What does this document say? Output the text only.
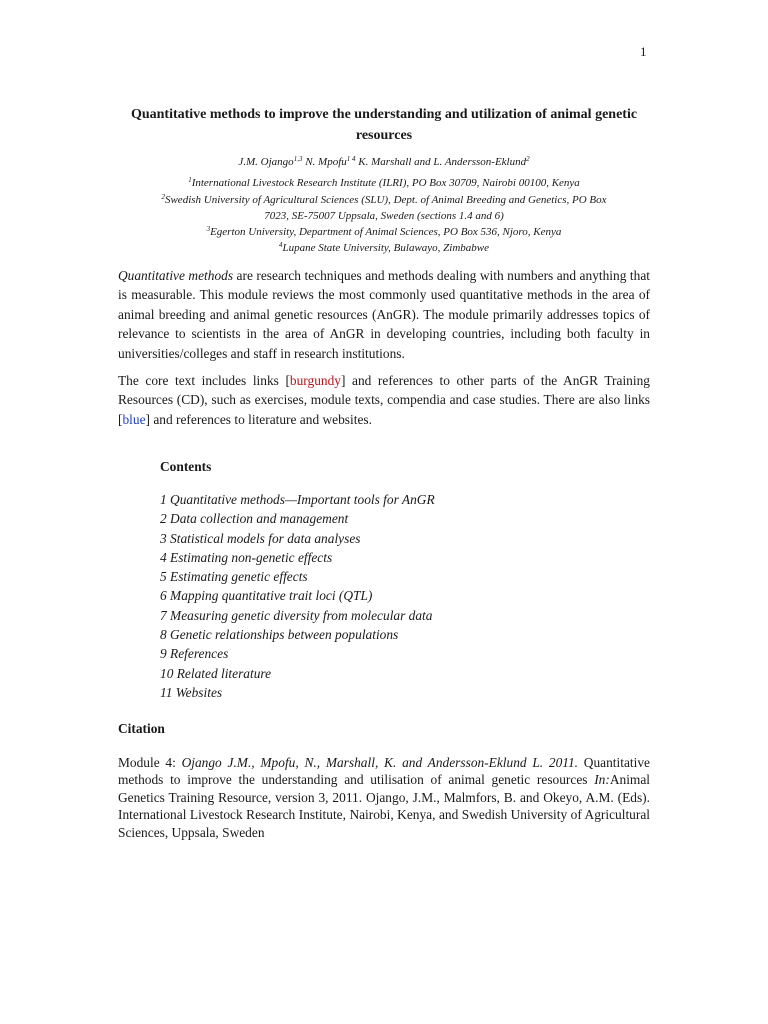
1
Quantitative methods to improve the understanding and utilization of animal genetic resources
J.M. Ojango$^{1,3}$ N. Mpofu$^{1 4}$ K. Marshall and L. Andersson-Eklund$^2$
$^1$International Livestock Research Institute (ILRI), PO Box 30709, Nairobi 00100, Kenya
$^2$Swedish University of Agricultural Sciences (SLU), Dept. of Animal Breeding and Genetics, PO Box 7023, SE-75007 Uppsala, Sweden (sections 1.4 and 6)
$^3$Egerton University, Department of Animal Sciences, PO Box 536, Njoro, Kenya
$^4$Lupane State University, Bulawayo, Zimbabwe

Quantitative methods are research techniques and methods dealing with numbers and anything that is measurable. This module reviews the most commonly used quantitative methods in the area of animal breeding and animal genetic resources (AnGR). The module primarily addresses topics of relevance to scientists in the area of AnGR in developing countries, including both faculty in universities/colleges and staff in research institutions.

The core text includes links [burgundy] and references to other parts of the AnGR Training Resources (CD), such as exercises, module texts, compendia and case studies. There are also links [blue] and references to literature and websites.

Contents
1 Quantitative methods—Important tools for AnGR
2 Data collection and management
3 Statistical models for data analyses
4 Estimating non-genetic effects
5 Estimating genetic effects
6 Mapping quantitative trait loci (QTL)
7 Measuring genetic diversity from molecular data
8 Genetic relationships between populations
9 References
10 Related literature
11 Websites
Citation

Module 4: Ojango J.M., Mpofu, N., Marshall, K. and Andersson-Eklund L. 2011. Quantitative methods to improve the understanding and utilisation of animal genetic resources In:Animal Genetics Training Resource, version 3, 2011. Ojango, J.M., Malmfors, B. and Okeyo, A.M. (Eds). International Livestock Research Institute, Nairobi, Kenya, and Swedish University of Agricultural Sciences, Uppsala, Sweden
